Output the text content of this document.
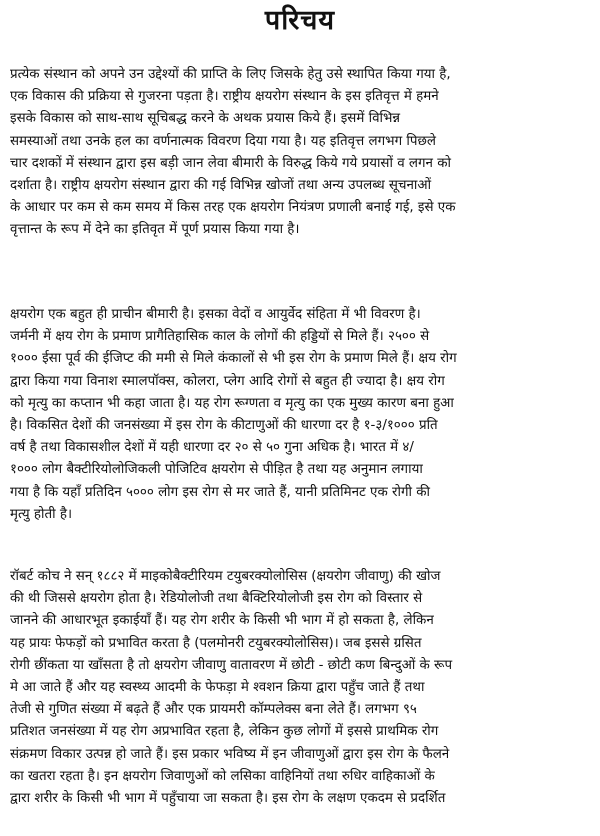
परिचय
प्रत्येक संस्थान को अपने उन उद्देश्यों की प्राप्ति के लिए जिसके हेतु उसे स्थापित किया गया है,
एक विकास की प्रक्रिया से गुजरना पड़ता है। राष्ट्रीय क्षयरोग संस्थान के इस इतिवृत्त में हमने
इसके विकास को साथ-साथ सूचिबद्ध करने के अथक प्रयास किये हैं। इसमें विभिन्न
समस्याओं तथा उनके हल का वर्णनात्मक विवरण दिया गया है। यह इतिवृत्त लगभग पिछले
चार दशकों में संस्थान द्वारा इस बड़ी जान लेवा बीमारी के विरुद्ध किये गये प्रयासों व लगन को
दर्शाता है। राष्ट्रीय क्षयरोग संस्थान द्वारा की गई विभिन्न खोजों तथा अन्य उपलब्ध सूचनाओं
के आधार पर कम से कम समय में किस तरह एक क्षयरोग नियंत्रण प्रणाली बनाई गई, इसे एक
वृत्तान्त के रूप में देने का इतिवृत में पूर्ण प्रयास किया गया है।
क्षयरोग एक बहुत ही प्राचीन बीमारी है। इसका वेदों व आयुर्वेद संहिता में भी विवरण है।
जर्मनी में क्षय रोग के प्रमाण प्रागैतिहासिक काल के लोगों की हड्डियों से मिले हैं। २५०० से
१००० ईसा पूर्व की ईजिप्ट की ममी से मिले कंकालों से भी इस रोग के प्रमाण मिले हैं। क्षय रोग
द्वारा किया गया विनाश स्मालपॉक्स, कोलरा, प्लेग आदि रोगों से बहुत ही ज्यादा है। क्षय रोग
को मृत्यु का कप्तान भी कहा जाता है। यह रोग रूग्णता व मृत्यु का एक मुख्य कारण बना हुआ
है। विकसित देशों की जनसंख्या में इस रोग के कीटाणुओं की धारणा दर है १-३/१००० प्रति
वर्ष है तथा विकासशील देशों में यही धारणा दर २० से ५० गुना अधिक है। भारत में ४/
१००० लोग बैक्टीरियोलोजिकली पोजिटिव क्षयरोग से पीड़ित है तथा यह अनुमान लगाया
गया है कि यहाँ प्रतिदिन ५००० लोग इस रोग से मर जाते हैं, यानी प्रतिमिनट एक रोगी की
मृत्यु होती है।
रॉबर्ट कोच ने सन् १८८२ में माइकोबैक्टीरियम टयुबरक्योलोसिस (क्षयरोग जीवाणु) की खोज
की थी जिससे क्षयरोग होता है। रेडियोलोजी तथा बैक्टिरियोलोजी इस रोग को विस्तार से
जानने की आधारभूत इकाईयाँ हैं। यह रोग शरीर के किसी भी भाग में हो सकता है, लेकिन
यह प्रायः फेफड़ों को प्रभावित करता है (पलमोनरी टयुबरक्योलोसिस)। जब इससे ग्रसित
रोगी छींकता या खाँसता है तो क्षयरोग जीवाणु वातावरण में छोटी - छोटी कण बिन्दुओं के रूप
मे आ जाते हैं और यह स्वस्थ्य आदमी के फेफड़ा मे श्वशन क्रिया द्वारा पहुँच जाते हैं तथा
तेजी से गुणित संख्या में बढ़ते हैं और एक प्रायमरी कॉम्पलेक्स बना लेते हैं। लगभग ९५
प्रतिशत जनसंख्या में यह रोग अप्रभावित रहता है, लेकिन कुछ लोगों में इससे प्राथमिक रोग
संक्रमण विकार उत्पन्न हो जाते हैं। इस प्रकार भविष्य में इन जीवाणुओं द्वारा इस रोग के फैलने
का खतरा रहता है। इन क्षयरोग जिवाणुओं को लसिका वाहिनियों तथा रुधिर वाहिकाओं के
द्वारा शरीर के किसी भी भाग में पहुँचाया जा सकता है। इस रोग के लक्षण एकदम से प्रदर्शित
